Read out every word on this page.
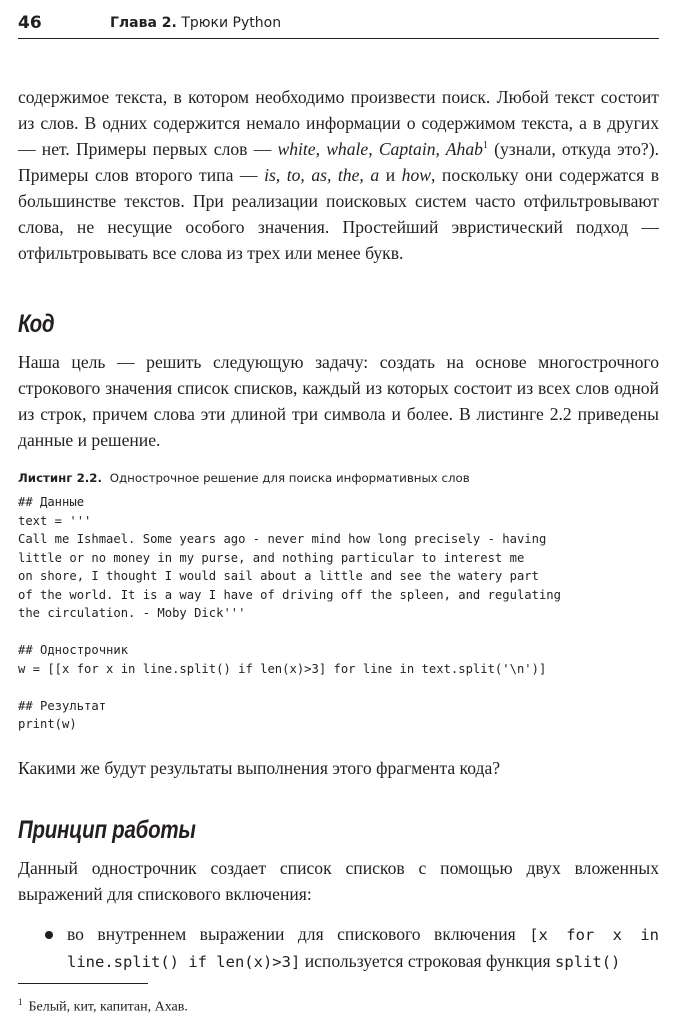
46	Глава 2. Трюки Python

содержимое текста, в котором необходимо произвести поиск. Любой текст состоит из слов. В одних содержится немало информации о содержимом текста, а в других — нет. Примеры первых слов — white, whale, Captain, Ahab$^1$ (узнали, откуда это?). Примеры слов второго типа — is, to, as, the, a и how, поскольку они содержатся в большинстве текстов. При реализации поисковых систем часто отфильтровывают слова, не несущие особого значения. Простейший эвристический подход — отфильтровывать все слова из трех или менее букв.

Код

Наша цель — решить следующую задачу: создать на основе многострочного строкового значения список списков, каждый из которых состоит из всех слов одной из строк, причем слова эти длиной три символа и более. В листинге 2.2 приведены данные и решение.

Листинг 2.2. Однострочное решение для поиска информативных слов
## Данные
text = '''
Call me Ishmael. Some years ago - never mind how long precisely - having
little or no money in my purse, and nothing particular to interest me
on shore, I thought I would sail about a little and see the watery part
of the world. It is a way I have of driving off the spleen, and regulating
the circulation. - Moby Dick'''

## Однострочник
w = [[x for x in line.split() if len(x)>3] for line in text.split('\n')]

## Результат
print(w)

Какими же будут результаты выполнения этого фрагмента кода?

Принцип работы

Данный однострочник создает список списков с помощью двух вложенных выражений для спискового включения:

во внутреннем выражении для спискового включения [x for x in line.split() if len(x)>3] используется строковая функция split()
$^1$ Белый, кит, капитан, Ахав.
